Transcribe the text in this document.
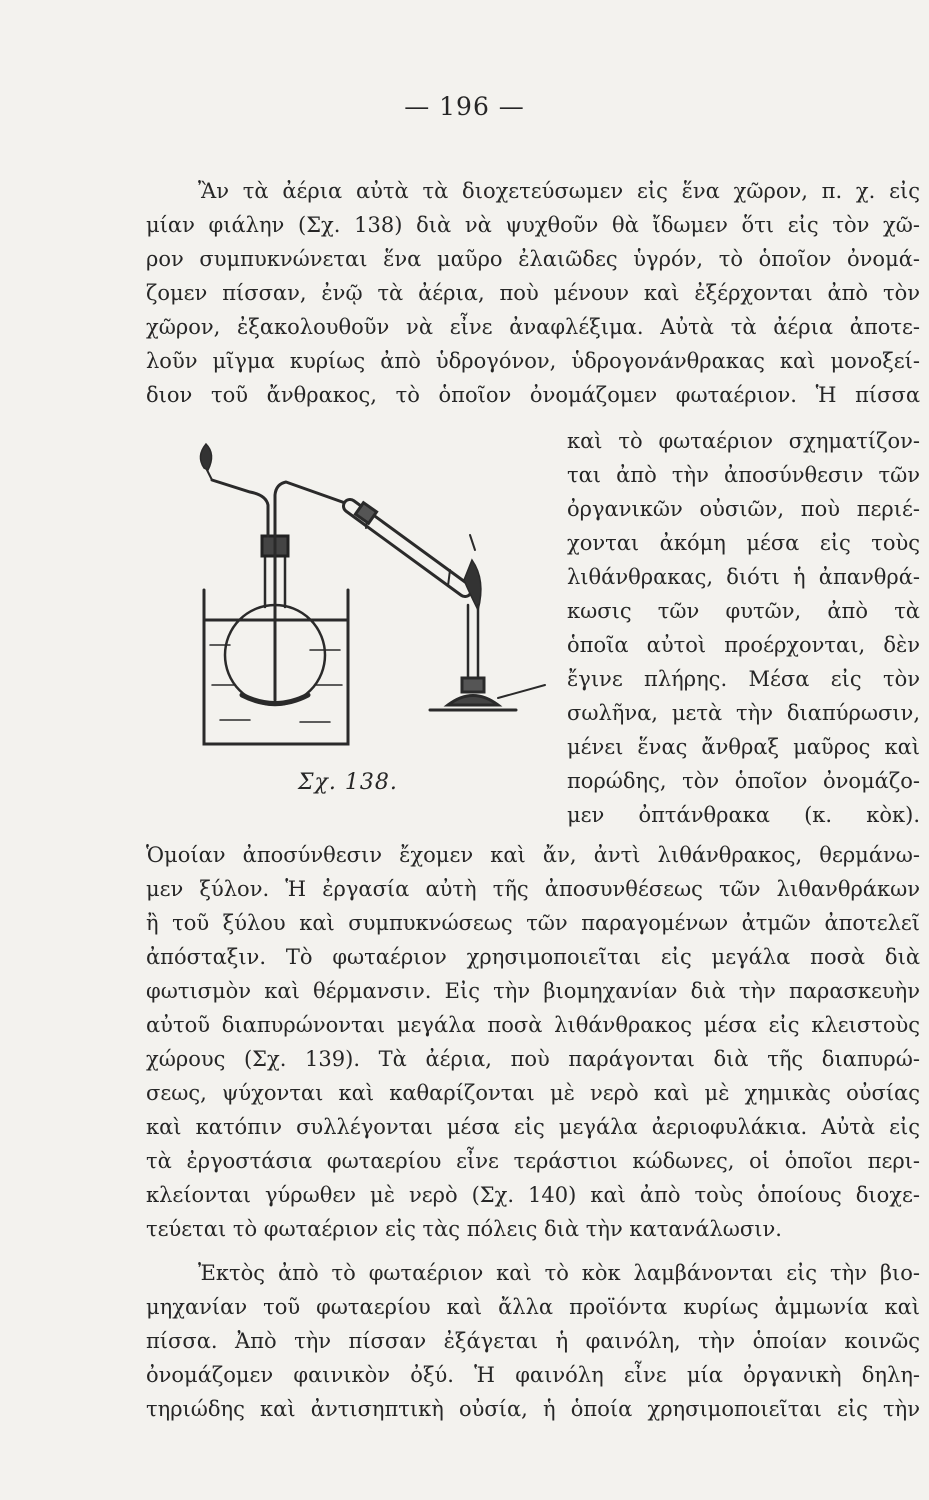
— 196 —
Ἂν τὰ ἀέρια αὐτὰ τὰ διοχετεύσωμεν εἰς ἕνα χῶρον, π. χ. εἰς
μίαν φιάλην (Σχ. 138) διὰ νὰ ψυχθοῦν θὰ ἴδωμεν ὅτι εἰς τὸν χῶ-
ρον συμπυκνώνεται ἕνα μαῦρο ἐλαιῶδες ὑγρόν, τὸ ὁποῖον ὀνομά-
ζομεν πίσσαν, ἐνῷ τὰ ἀέρια, ποὺ μένουν καὶ ἐξέρχονται ἀπὸ τὸν
χῶρον, ἐξακολουθοῦν νὰ εἶνε ἀναφλέξιμα. Αὐτὰ τὰ ἀέρια ἀποτε-
λοῦν μῖγμα κυρίως ἀπὸ ὑδρογόνον, ὑδρογονάνθρακας καὶ μονοξεί-
διον τοῦ ἄνθρακος, τὸ ὁποῖον ὀνομάζομεν φωταέριον. Ἡ πίσσα
καὶ τὸ φωταέριον σχηματίζον-
ται ἀπὸ τὴν ἀποσύνθεσιν τῶν
ὀργανικῶν οὐσιῶν, ποὺ περιέ-
χονται ἀκόμη μέσα εἰς τοὺς
λιθάνθρακας, διότι ἡ ἀπανθρά-
κωσις τῶν φυτῶν, ἀπὸ τὰ
ὁποῖα αὐτοὶ προέρχονται, δὲν
ἔγινε πλήρης. Μέσα εἰς τὸν
σωλῆνα, μετὰ τὴν διαπύρωσιν,
μένει ἕνας ἄνθραξ μαῦρος καὶ
πορώδης, τὸν ὁποῖον ὀνομάζο-
μεν ὀπτάνθρακα (κ. κὸκ).
Σχ. 138.
Ὁμοίαν ἀποσύνθεσιν ἔχομεν καὶ ἄν, ἀντὶ λιθάνθρακος, θερμάνω-
μεν ξύλον. Ἡ ἐργασία αὐτὴ τῆς ἀποσυνθέσεως τῶν λιθανθράκων
ἢ τοῦ ξύλου καὶ συμπυκνώσεως τῶν παραγομένων ἀτμῶν ἀποτελεῖ
ἀπόσταξιν. Τὸ φωταέριον χρησιμοποιεῖται εἰς μεγάλα ποσὰ διὰ
φωτισμὸν καὶ θέρμανσιν. Εἰς τὴν βιομηχανίαν διὰ τὴν παρασκευὴν
αὐτοῦ διαπυρώνονται μεγάλα ποσὰ λιθάνθρακος μέσα εἰς κλειστοὺς
χώρους (Σχ. 139). Τὰ ἀέρια, ποὺ παράγονται διὰ τῆς διαπυρώ-
σεως, ψύχονται καὶ καθαρίζονται μὲ νερὸ καὶ μὲ χημικὰς οὐσίας
καὶ κατόπιν συλλέγονται μέσα εἰς μεγάλα ἀεριοφυλάκια. Αὐτὰ εἰς
τὰ ἐργοστάσια φωταερίου εἶνε τεράστιοι κώδωνες, οἱ ὁποῖοι περι-
κλείονται γύρωθεν μὲ νερὸ (Σχ. 140) καὶ ἀπὸ τοὺς ὁποίους διοχε-
τεύεται τὸ φωταέριον εἰς τὰς πόλεις διὰ τὴν κατανάλωσιν.
Ἐκτὸς ἀπὸ τὸ φωταέριον καὶ τὸ κὸκ λαμβάνονται εἰς τὴν βιο-
μηχανίαν τοῦ φωταερίου καὶ ἄλλα προϊόντα κυρίως ἀμμωνία καὶ
πίσσα. Ἀπὸ τὴν πίσσαν ἐξάγεται ἡ φαινόλη, τὴν ὁποίαν κοινῶς
ὀνομάζομεν φαινικὸν ὀξύ. Ἡ φαινόλη εἶνε μία ὀργανικὴ δηλη-
τηριώδης καὶ ἀντισηπτικὴ οὐσία, ἡ ὁποία χρησιμοποιεῖται εἰς τὴν
